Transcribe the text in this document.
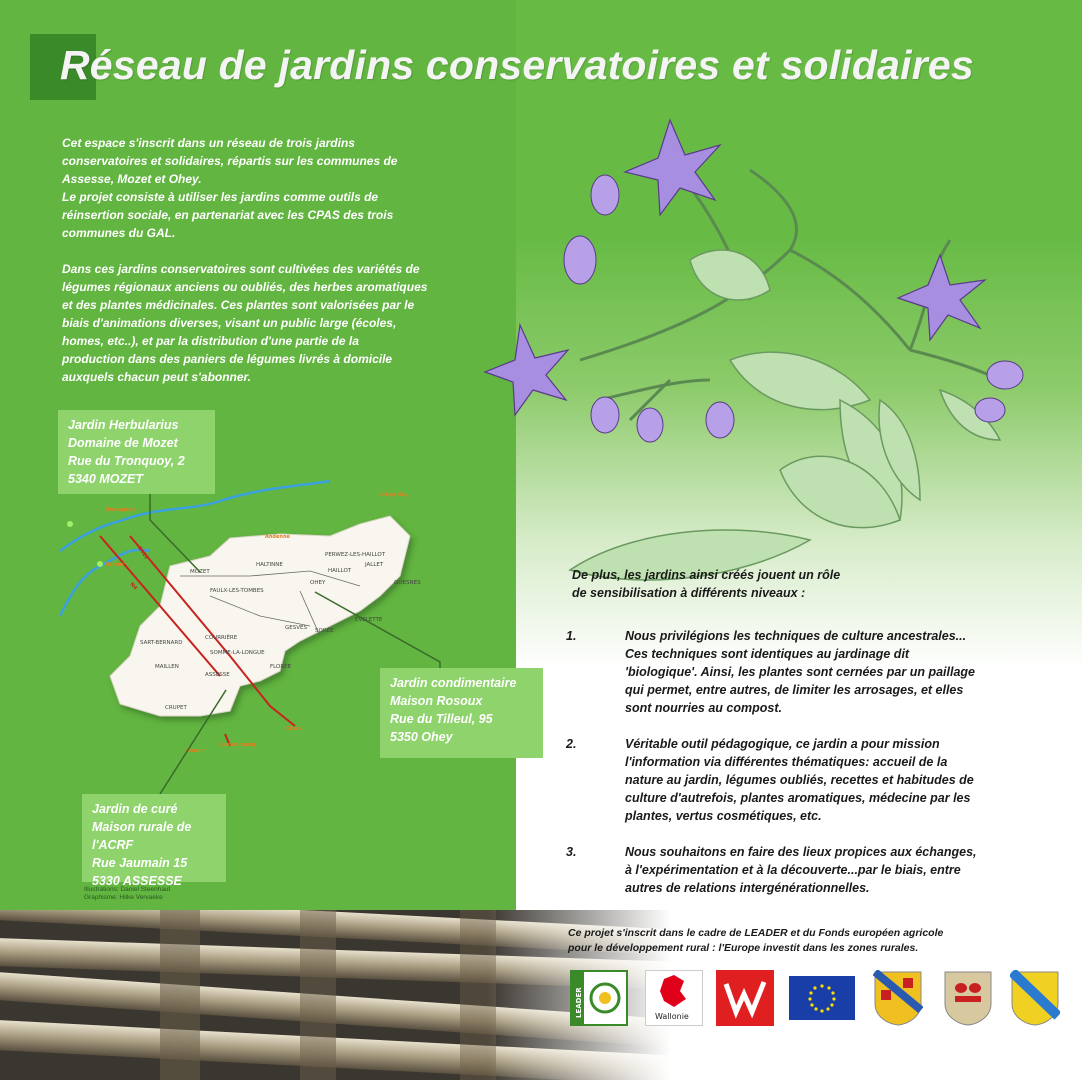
Réseau de jardins conservatoires et solidaires

Cet espace s'inscrit dans un réseau de trois jardins
conservatoires et solidaires, répartis sur les communes de
Assesse, Mozet et Ohey.
Le projet consiste à utiliser les jardins comme outils de
réinsertion sociale, en partenariat avec les CPAS des trois
communes du GAL.

Dans ces jardins conservatoires sont cultivées des variétés de
légumes régionaux anciens ou oubliés, des herbes aromatiques
et des plantes médicinales. Ces plantes sont valorisées par le
biais d'animations diverses, visant un public large (écoles,
homes, etc..), et par la distribution d'une partie de la
production dans des paniers de légumes livrés à domicile
auxquels chacun peut s'abonner.

MOZET
HALTINNE
PERWEZ-LES-HAILLOT
JALLET
HAILLOT
OHEY	GOESNES
FAULX-LES-TOMBES
GESVES SORÉE
EVELETTE
COURRIÈRE
SART-BERNARD
SOMME-LA-LONGUE
FLORÉE
MAILLEN
ASSESSE
CRUPET
E411
N4
Bouvignes
Namur
Andenne
Liège Huy
Ciney
Dinant
Luxembourg
Jardin Herbularius
Domaine de Mozet
Rue du Tronquoy, 2
5340 MOZET
Jardin condimentaire
Maison Rosoux
Rue du Tilleul, 95
5350 Ohey
Jardin de curé
Maison rurale de l'ACRF
Rue Jaumain 15
5330 ASSESSE
Illustrations: Daniel Steenhaut
Graphisme: Hilke Vervaeke
De plus, les jardins ainsi créés jouent un rôle
de sensibilisation à différents niveaux :
1.	Nous privilégions les techniques de culture ancestrales...
Ces techniques sont identiques au jardinage dit
'biologique'. Ainsi, les plantes sont cernées par un paillage
qui permet, entre autres, de limiter les arrosages, et elles
sont nourries au compost.
2.	Véritable outil pédagogique, ce jardin a pour mission
l'information via différentes thématiques: accueil de la
nature au jardin, légumes oubliés, recettes et habitudes de
culture d'autrefois, plantes aromatiques, médecine par les
plantes, vertus cosmétiques, etc.
3.	Nous souhaitons en faire des lieux propices aux échanges,
à l'expérimentation et à la découverte...par le biais, entre
autres de relations intergénérationnelles.
Ce projet s'inscrit dans le cadre de LEADER et du Fonds européen agricole
pour le développement rural : l'Europe investit dans les zones rurales.
LEADER	Wallonie
